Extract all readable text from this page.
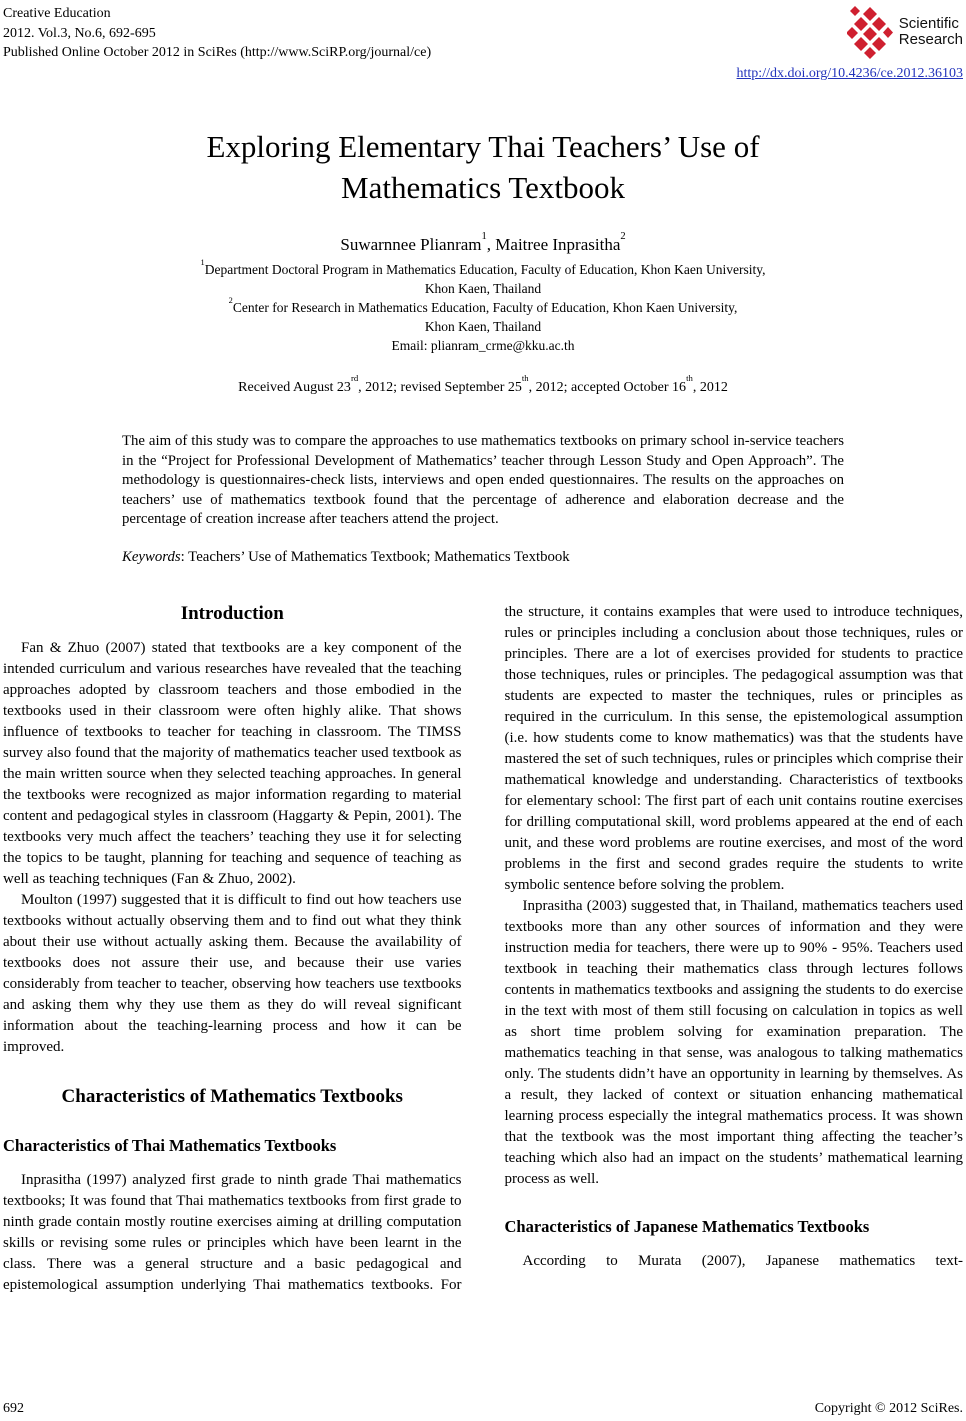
Creative Education
2012. Vol.3, No.6, 692-695
Published Online October 2012 in SciRes (http://www.SciRP.org/journal/ce)
Scientific
Research
http://dx.doi.org/10.4236/ce.2012.36103
Exploring Elementary Thai Teachers’ Use of
Mathematics Textbook
Suwarnnee Plianram$^1$, Maitree Inprasitha$^2$
$^1$Department Doctoral Program in Mathematics Education, Faculty of Education, Khon Kaen University,
Khon Kaen, Thailand
$^2$Center for Research in Mathematics Education, Faculty of Education, Khon Kaen University,
Khon Kaen, Thailand
Email: plianram_crme@kku.ac.th
Received August 23rd, 2012; revised September 25th, 2012; accepted October 16th, 2012
The aim of this study was to compare the approaches to use mathematics textbooks on primary school in-service teachers in the “Project for Professional Development of Mathematics’ teacher through Lesson Study and Open Approach”. The methodology is questionnaires-check lists, interviews and open ended questionnaires. The results on the approaches on teachers’ use of mathematics textbook found that the percentage of adherence and elaboration decrease and the percentage of creation increase after teachers attend the project.
Keywords: Teachers’ Use of Mathematics Textbook; Mathematics Textbook
Introduction

Fan & Zhuo (2007) stated that textbooks are a key component of the intended curriculum and various researches have revealed that the teaching approaches adopted by classroom teachers and those embodied in the textbooks used in their classroom were often highly alike. That shows influence of textbooks to teacher for teaching in classroom. The TIMSS survey also found that the majority of mathematics teacher used textbook as the main written source when they selected teaching approaches. In general the textbooks were recognized as major information regarding to material content and pedagogical styles in classroom (Haggarty & Pepin, 2001). The textbooks very much affect the teachers’ teaching they use it for selecting the topics to be taught, planning for teaching and sequence of teaching as well as teaching techniques (Fan & Zhuo, 2002).

Moulton (1997) suggested that it is difficult to find out how teachers use textbooks without actually observing them and to find out what they think about their use without actually asking them. Because the availability of textbooks does not assure their use, and because their use varies considerably from teacher to teacher, observing how teachers use textbooks and asking them why they use them as they do will reveal significant information about the teaching-learning process and how it can be improved.

Characteristics of Mathematics Textbooks
Characteristics of Thai Mathematics Textbooks

Inprasitha (1997) analyzed first grade to ninth grade Thai mathematics textbooks; It was found that Thai mathematics textbooks from first grade to ninth grade contain mostly routine exercises aiming at drilling computation skills or revising some rules or principles which have been learnt in the class. There was a general structure and a basic pedagogical and epistemological assumption underlying Thai mathematics textbooks. For

the structure, it contains examples that were used to introduce techniques, rules or principles including a conclusion about those techniques, rules or principles. There are a lot of exercises provided for students to practice those techniques, rules or principles. The pedagogical assumption was that students are expected to master the techniques, rules or principles as required in the curriculum. In this sense, the epistemological assumption (i.e. how students come to know mathematics) was that the students have mastered the set of such techniques, rules or principles which comprise their mathematical knowledge and understanding. Characteristics of textbooks for elementary school: The first part of each unit contains routine exercises for drilling computational skill, word problems appeared at the end of each unit, and these word problems are routine exercises, and most of the word problems in the first and second grades require the students to write symbolic sentence before solving the problem.

Inprasitha (2003) suggested that, in Thailand, mathematics teachers used textbooks more than any other sources of information and they were instruction media for teachers, there were up to 90% - 95%. Teachers used textbook in teaching their mathematics class through lectures follows contents in mathematics textbooks and assigning the students to do exercise in the text with most of them still focusing on calculation in topics as well as short time problem solving for examination preparation. The mathematics teaching in that sense, was analogous to talking mathematics only. The students didn’t have an opportunity in learning by themselves. As a result, they lacked of context or situation enhancing mathematical learning process especially the integral mathematics process. It was shown that the textbook was the most important thing affecting the teacher’s teaching which also had an impact on the students’ mathematical learning process as well.

Characteristics of Japanese Mathematics Textbooks

According to Murata (2007), Japanese mathematics text-

692	Copyright © 2012 SciRes.
